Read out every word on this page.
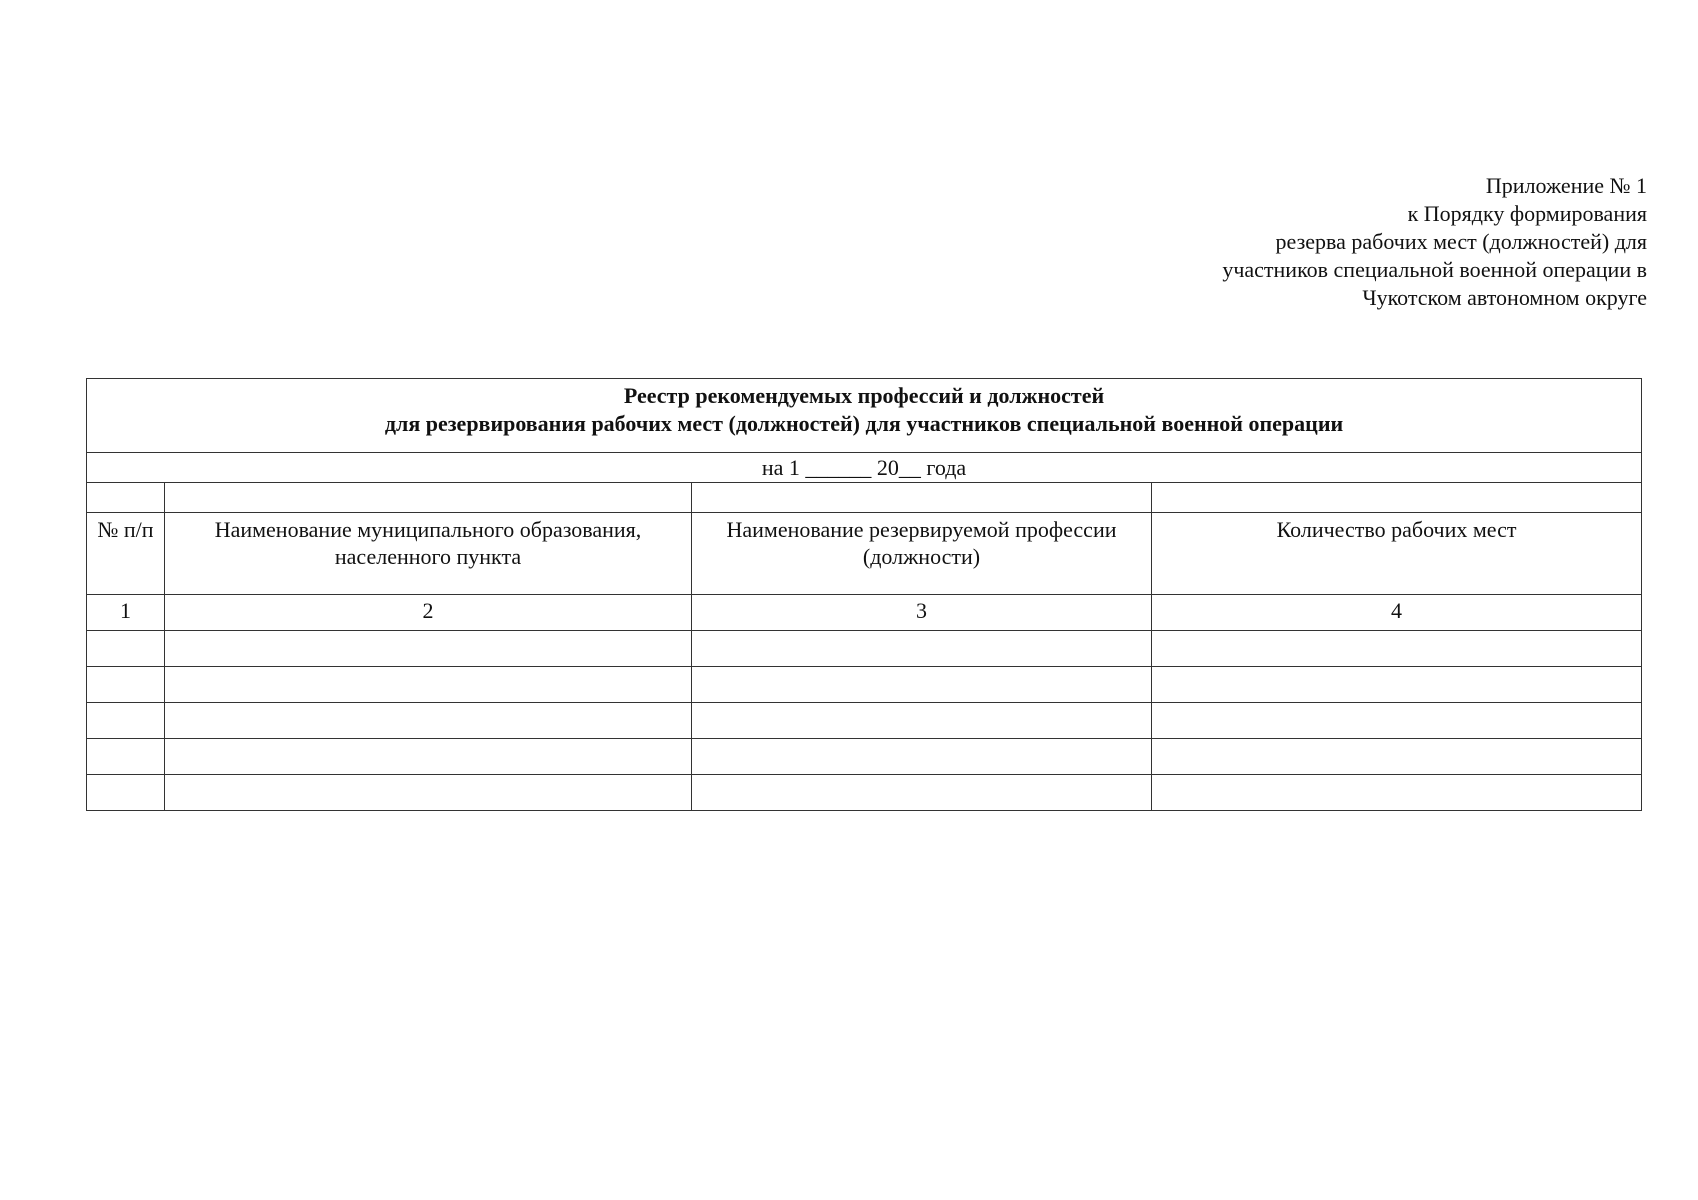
Приложение № 1
к Порядку формирования
резерва рабочих мест (должностей) для
участников специальной военной операции в
Чукотском автономном округе
Реестр рекомендуемых профессий и должностей
для резервирования рабочих мест (должностей) для участников специальной военной операции			

на 1 ______ 20__ года			

№ п/п	Наименование муниципального образования, населенного пункта	Наименование резервируемой профессии (должности)	Количество рабочих мест
1	2	3	4
